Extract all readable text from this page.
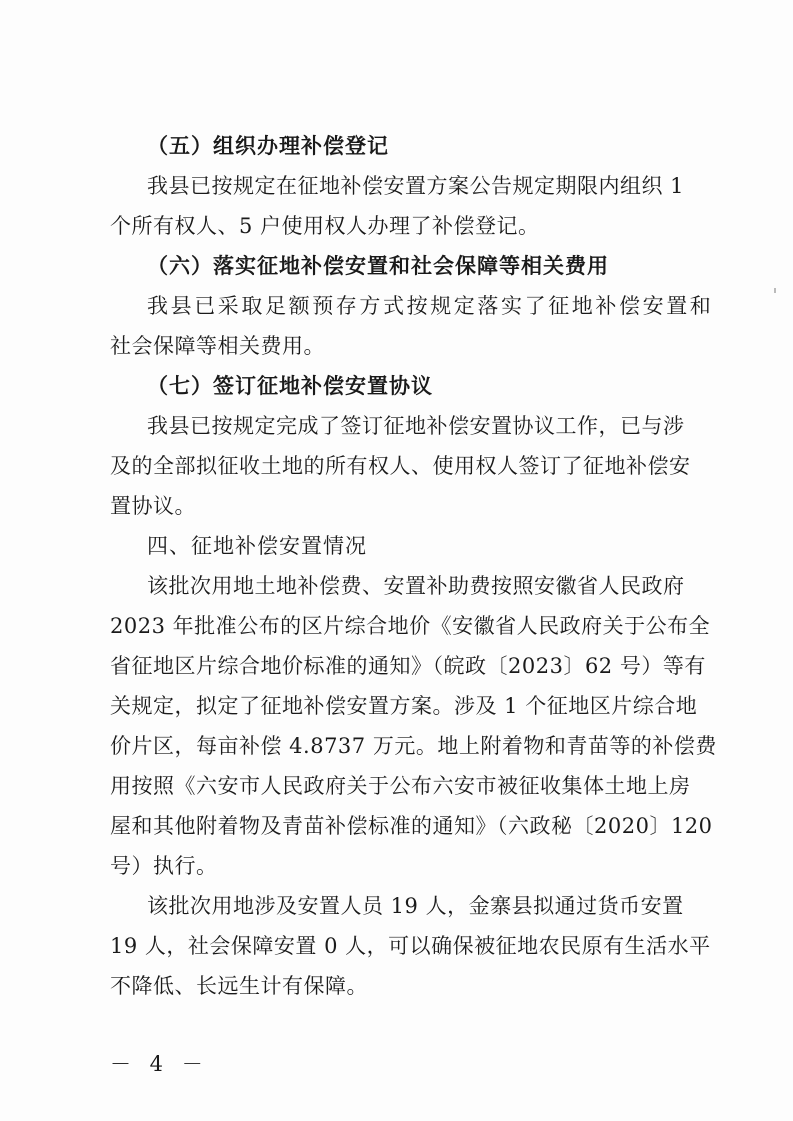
（五）组织办理补偿登记
我县已按规定在征地补偿安置方案公告规定期限内组织 1
个所有权人、5 户使用权人办理了补偿登记。
（六）落实征地补偿安置和社会保障等相关费用
我县已采取足额预存方式按规定落实了征地补偿安置和
社会保障等相关费用。
（七）签订征地补偿安置协议
我县已按规定完成了签订征地补偿安置协议工作，已与涉
及的全部拟征收土地的所有权人、使用权人签订了征地补偿安
置协议。
四、征地补偿安置情况
该批次用地土地补偿费、安置补助费按照安徽省人民政府
2023 年批准公布的区片综合地价《安徽省人民政府关于公布全
省征地区片综合地价标准的通知》（皖政〔2023〕62 号）等有
关规定，拟定了征地补偿安置方案。涉及 1 个征地区片综合地
价片区，每亩补偿 4.8737 万元。地上附着物和青苗等的补偿费
用按照《六安市人民政府关于公布六安市被征收集体土地上房
屋和其他附着物及青苗补偿标准的通知》（六政秘〔2020〕120
号）执行。
该批次用地涉及安置人员 19 人，金寨县拟通过货币安置
19 人，社会保障安置 0 人，可以确保被征地农民原有生活水平
不降低、长远生计有保障。
－ 4 －
